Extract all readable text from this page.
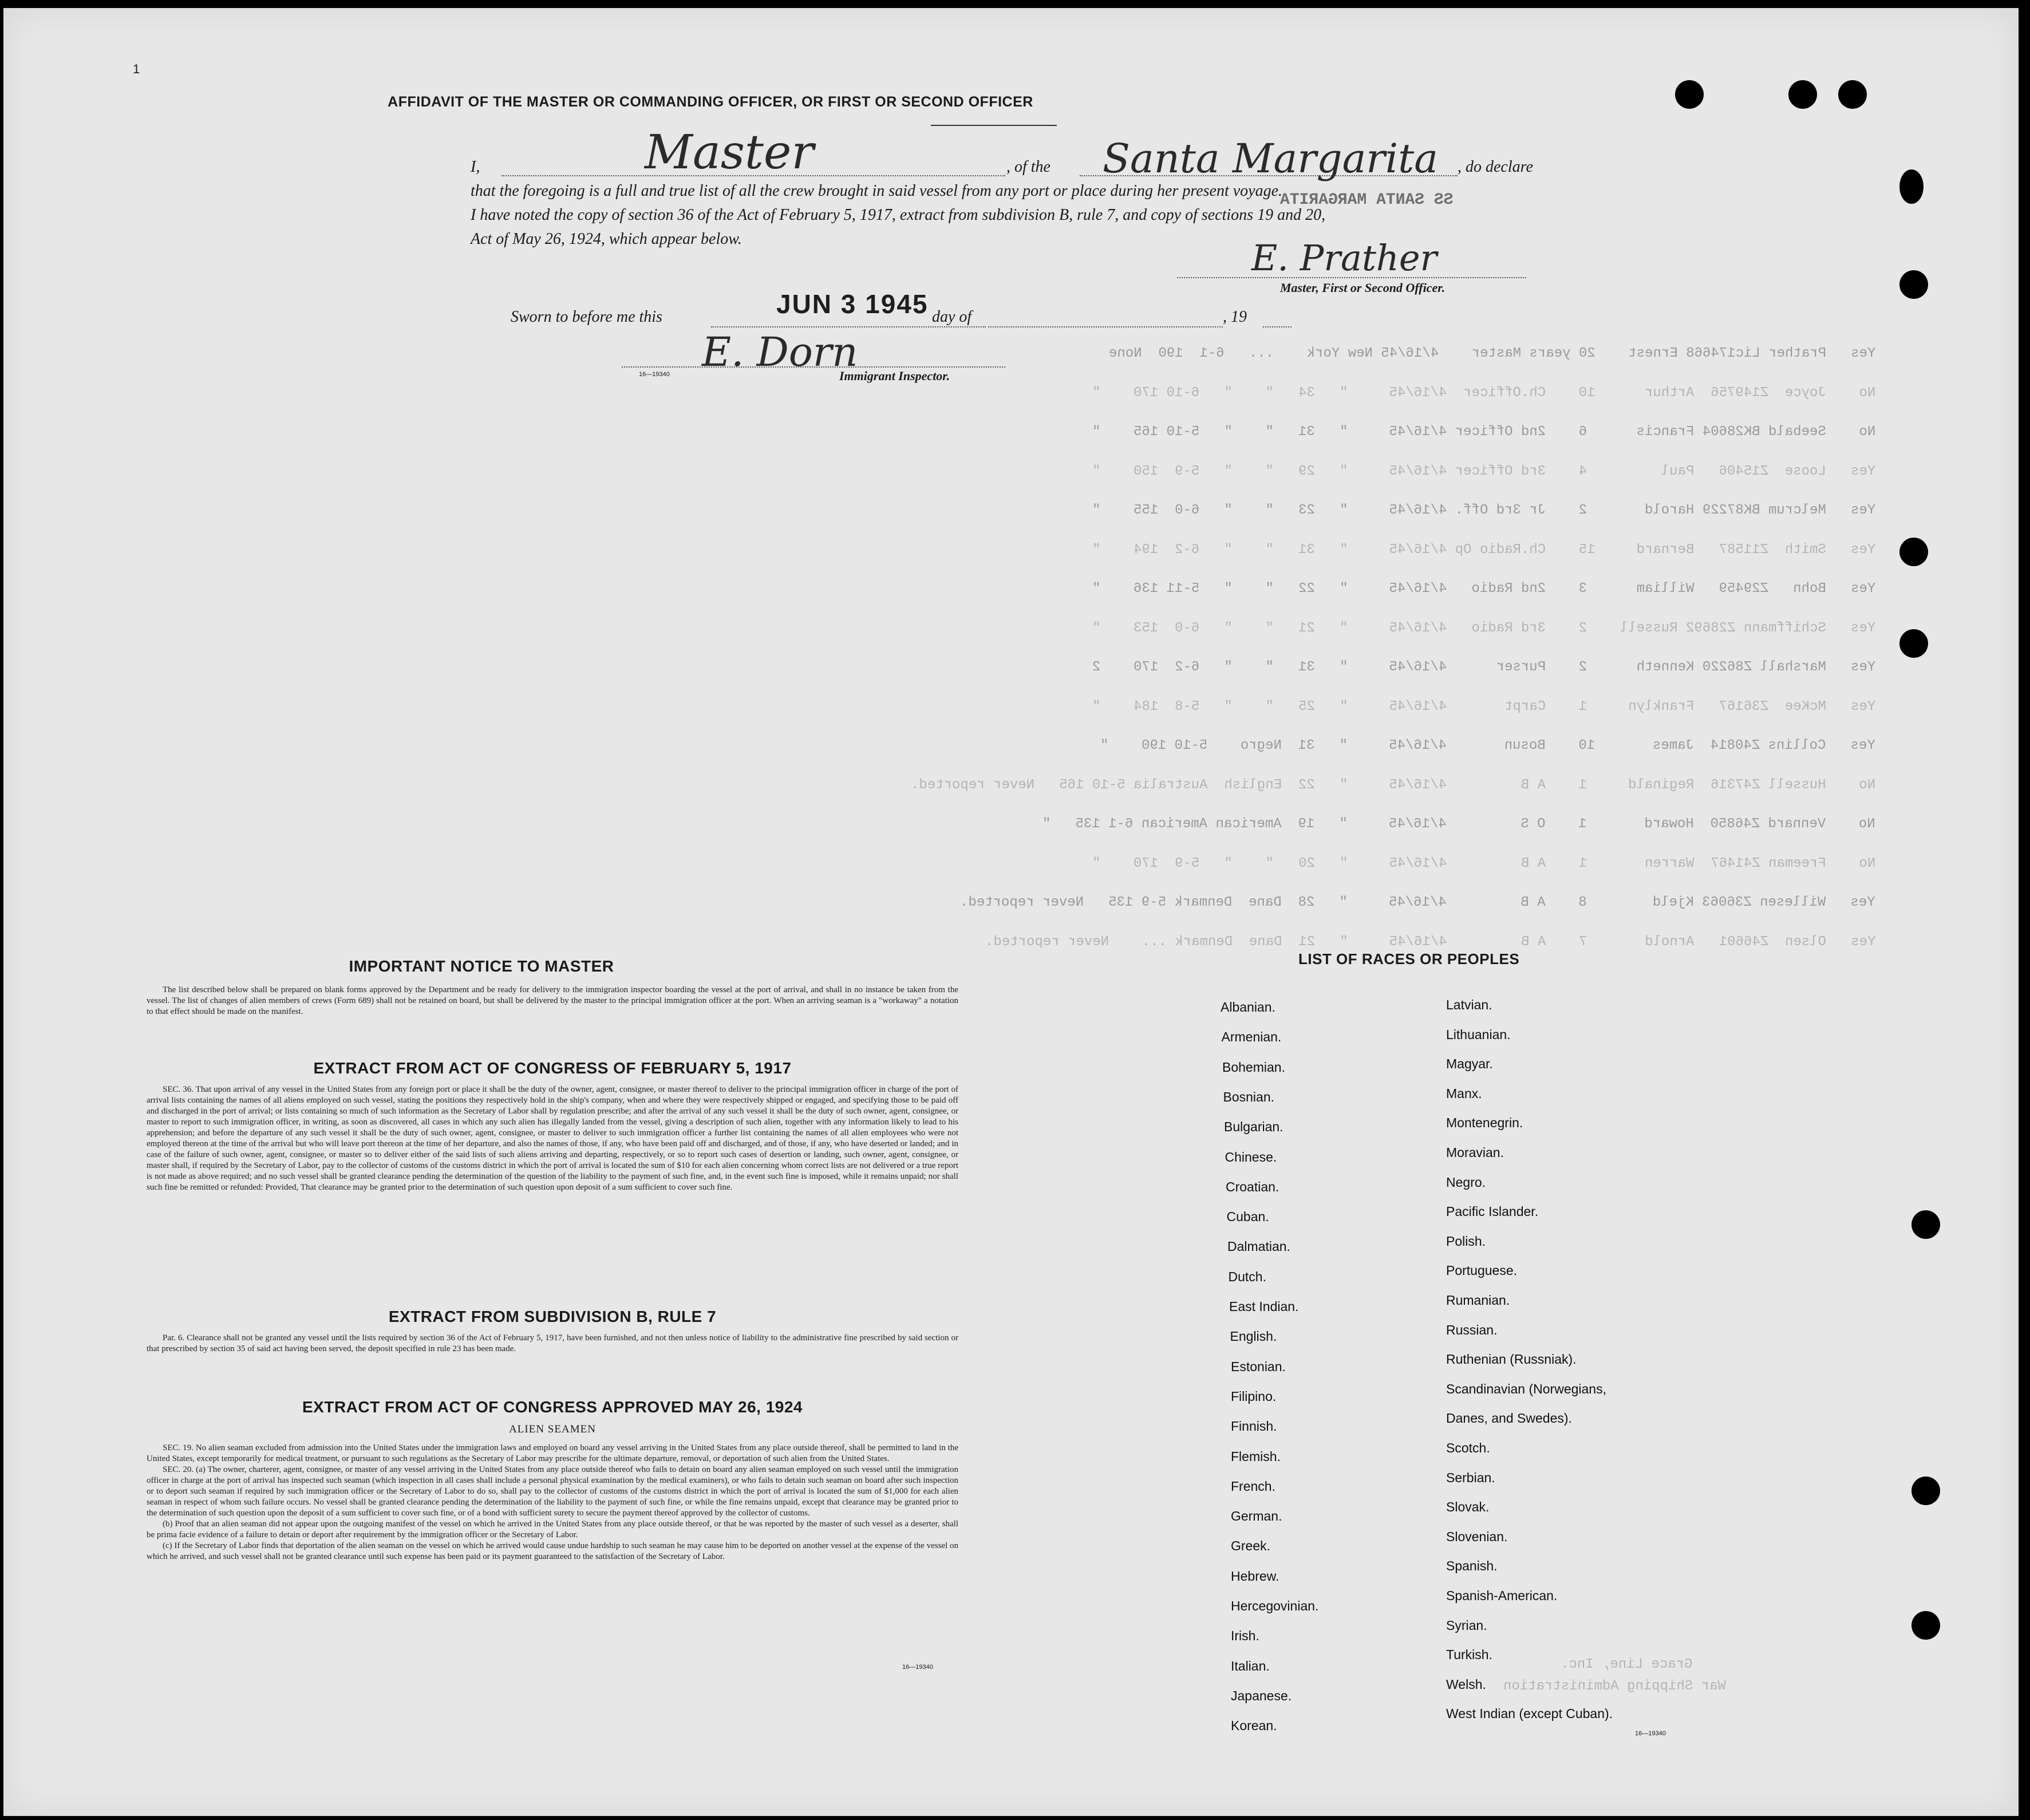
1
SS SANTA MARGARITA
Yes   Prather Lic174668 Ernest    20 years Master    4/16/45 New York    ...   6-1  190  None
No    Joyce  Z149756  Arthur      10    Ch.Officer  4/16/45     "   34   "    "   6-10 170    "
No    Seebald BK28604 Francis      6    2nd Officer 4/16/45     "   31   "    "   5-10 165    "
Yes   Loose  Z15406   Paul         4    3rd Officer 4/16/45     "   29   "    "   5-9  150    "
Yes   Melcrum BK87229 Harold       2    Jr 3rd Off. 4/16/45     "   23   "    "   6-0  155    "
Yes   Smith  Z11587   Bernard     15    Ch.Radio Op 4/16/45     "   31   "    "   6-2  194    "
Yes   Bohn   Z29459   William      3    2nd Radio   4/16/45     "   22   "    "   5-11 136    "
Yes   Schiffmann Z28692 Russell    2    3rd Radio   4/16/45     "   21   "    "   6-0  153    "
Yes   Marshall Z86220 Kenneth      2    Purser      4/16/45     "   31   "    "   6-2  170    2
Yes   McKee  Z36167   Franklyn     1    Carpt       4/16/45     "   25   "    "   5-8  184    "
Yes   Collins Z40814  James       10    Bosun       4/16/45     "   31  Negro    5-10 190    "
No    Hussell Z47316  Reginald     1    A B         4/16/45     "   22  English  Australia 5-10 165   Never reported.
No    Vennard Z46850  Howard       1    O S         4/16/45     "   19  American American 6-1 135   "
No    Freeman Z41467  Warren       1    A B         4/16/45     "   20   "    "   5-9  170    "
Yes   Willesen Z36063 Kjeld        8    A B         4/16/45     "   28  Dane  Denmark 5-9 135   Never reported.
Yes   Olsen  Z46601   Arnold       7    A B         4/16/45     "   21  Dane  Denmark ...    Never reported.
Grace Line, Inc.
War Shipping Administration
AFFIDAVIT OF THE MASTER OR COMMANDING OFFICER, OR FIRST OR SECOND OFFICER
I,	Master	, of the Santa Margarita , do declare
that the foregoing is a full and true list of all the crew brought in said vessel from any port or place during her present voyage.
I have noted the copy of section 36 of the Act of February 5, 1917, extract from subdivision B, rule 7, and copy of sections 19 and 20,
Act of May 26, 1924, which appear below.	E. Prather
Master, First or Second Officer.
Sworn to before me this	JUN 3 1945 day of	, 19
E. Dorn
16—19340	Immigrant Inspector.
IMPORTANT NOTICE TO MASTER

The list described below shall be prepared on blank forms approved by the Department and be ready for delivery to the immigration inspector boarding the vessel at the port of arrival, and shall in no instance be taken from the vessel. The list of changes of alien members of crews (Form 689) shall not be retained on board, but shall be delivered by the master to the principal immigration officer at the port. When an arriving seaman is a "workaway" a notation to that effect should be made on the manifest.

EXTRACT FROM ACT OF CONGRESS OF FEBRUARY 5, 1917

SEC. 36. That upon arrival of any vessel in the United States from any foreign port or place it shall be the duty of the owner, agent, consignee, or master thereof to deliver to the principal immigration officer in charge of the port of arrival lists containing the names of all aliens employed on such vessel, stating the positions they respectively hold in the ship's company, when and where they were respectively shipped or engaged, and specifying those to be paid off and discharged in the port of arrival; or lists containing so much of such information as the Secretary of Labor shall by regulation prescribe; and after the arrival of any such vessel it shall be the duty of such owner, agent, consignee, or master to report to such immigration officer, in writing, as soon as discovered, all cases in which any such alien has illegally landed from the vessel, giving a description of such alien, together with any information likely to lead to his apprehension; and before the departure of any such vessel it shall be the duty of such owner, agent, consignee, or master to deliver to such immigration officer a further list containing the names of all alien employees who were not employed thereon at the time of the arrival but who will leave port thereon at the time of her departure, and also the names of those, if any, who have been paid off and discharged, and of those, if any, who have deserted or landed; and in case of the failure of such owner, agent, consignee, or master so to deliver either of the said lists of such aliens arriving and departing, respectively, or so to report such cases of desertion or landing, such owner, agent, consignee, or master shall, if required by the Secretary of Labor, pay to the collector of customs of the customs district in which the port of arrival is located the sum of $10 for each alien concerning whom correct lists are not delivered or a true report is not made as above required; and no such vessel shall be granted clearance pending the determination of the question of the liability to the payment of such fine, and, in the event such fine is imposed, while it remains unpaid; nor shall such fine be remitted or refunded: Provided, That clearance may be granted prior to the determination of such question upon deposit of a sum sufficient to cover such fine.

EXTRACT FROM SUBDIVISION B, RULE 7

Par. 6. Clearance shall not be granted any vessel until the lists required by section 36 of the Act of February 5, 1917, have been furnished, and not then unless notice of liability to the administrative fine prescribed by said section or that prescribed by section 35 of said act having been served, the deposit specified in rule 23 has been made.

EXTRACT FROM ACT OF CONGRESS APPROVED MAY 26, 1924
ALIEN SEAMEN

SEC. 19. No alien seaman excluded from admission into the United States under the immigration laws and employed on board any vessel arriving in the United States from any place outside thereof, shall be permitted to land in the United States, except temporarily for medical treatment, or pursuant to such regulations as the Secretary of Labor may prescribe for the ultimate departure, removal, or deportation of such alien from the United States.

SEC. 20. (a) The owner, charterer, agent, consignee, or master of any vessel arriving in the United States from any place outside thereof who fails to detain on board any alien seaman employed on such vessel until the immigration officer in charge at the port of arrival has inspected such seaman (which inspection in all cases shall include a personal physical examination by the medical examiners), or who fails to detain such seaman on board after such inspection or to deport such seaman if required by such immigration officer or the Secretary of Labor to do so, shall pay to the collector of customs of the customs district in which the port of arrival is located the sum of $1,000 for each alien seaman in respect of whom such failure occurs. No vessel shall be granted clearance pending the determination of the liability to the payment of such fine, or while the fine remains unpaid, except that clearance may be granted prior to the determination of such question upon the deposit of a sum sufficient to cover such fine, or of a bond with sufficient surety to secure the payment thereof approved by the collector of customs.

(b) Proof that an alien seaman did not appear upon the outgoing manifest of the vessel on which he arrived in the United States from any place outside thereof, or that he was reported by the master of such vessel as a deserter, shall be prima facie evidence of a failure to detain or deport after requirement by the immigration officer or the Secretary of Labor.

(c) If the Secretary of Labor finds that deportation of the alien seaman on the vessel on which he arrived would cause undue hardship to such seaman he may cause him to be deported on another vessel at the expense of the vessel on which he arrived, and such vessel shall not be granted clearance until such expense has been paid or its payment guaranteed to the satisfaction of the Secretary of Labor.

16—19340
LIST OF RACES OR PEOPLES
Albanian.
Armenian.
Bohemian.
Bosnian.
Bulgarian.
Chinese.
Croatian.
Cuban.
Dalmatian.
Dutch.
East Indian.
English.
Estonian.
Filipino.
Finnish.
Flemish.
French.
German.
Greek.
Hebrew.
Hercegovinian.
Irish.
Italian.
Japanese.
Korean.
Latvian.
Lithuanian.
Magyar.
Manx.
Montenegrin.
Moravian.
Negro.
Pacific Islander.
Polish.
Portuguese.
Rumanian.
Russian.
Ruthenian (Russniak).
Scandinavian (Norwegians,
Danes, and Swedes).
Scotch.
Serbian.
Slovak.
Slovenian.
Spanish.
Spanish-American.
Syrian.
Turkish.
Welsh.
West Indian (except Cuban).
16—19340
